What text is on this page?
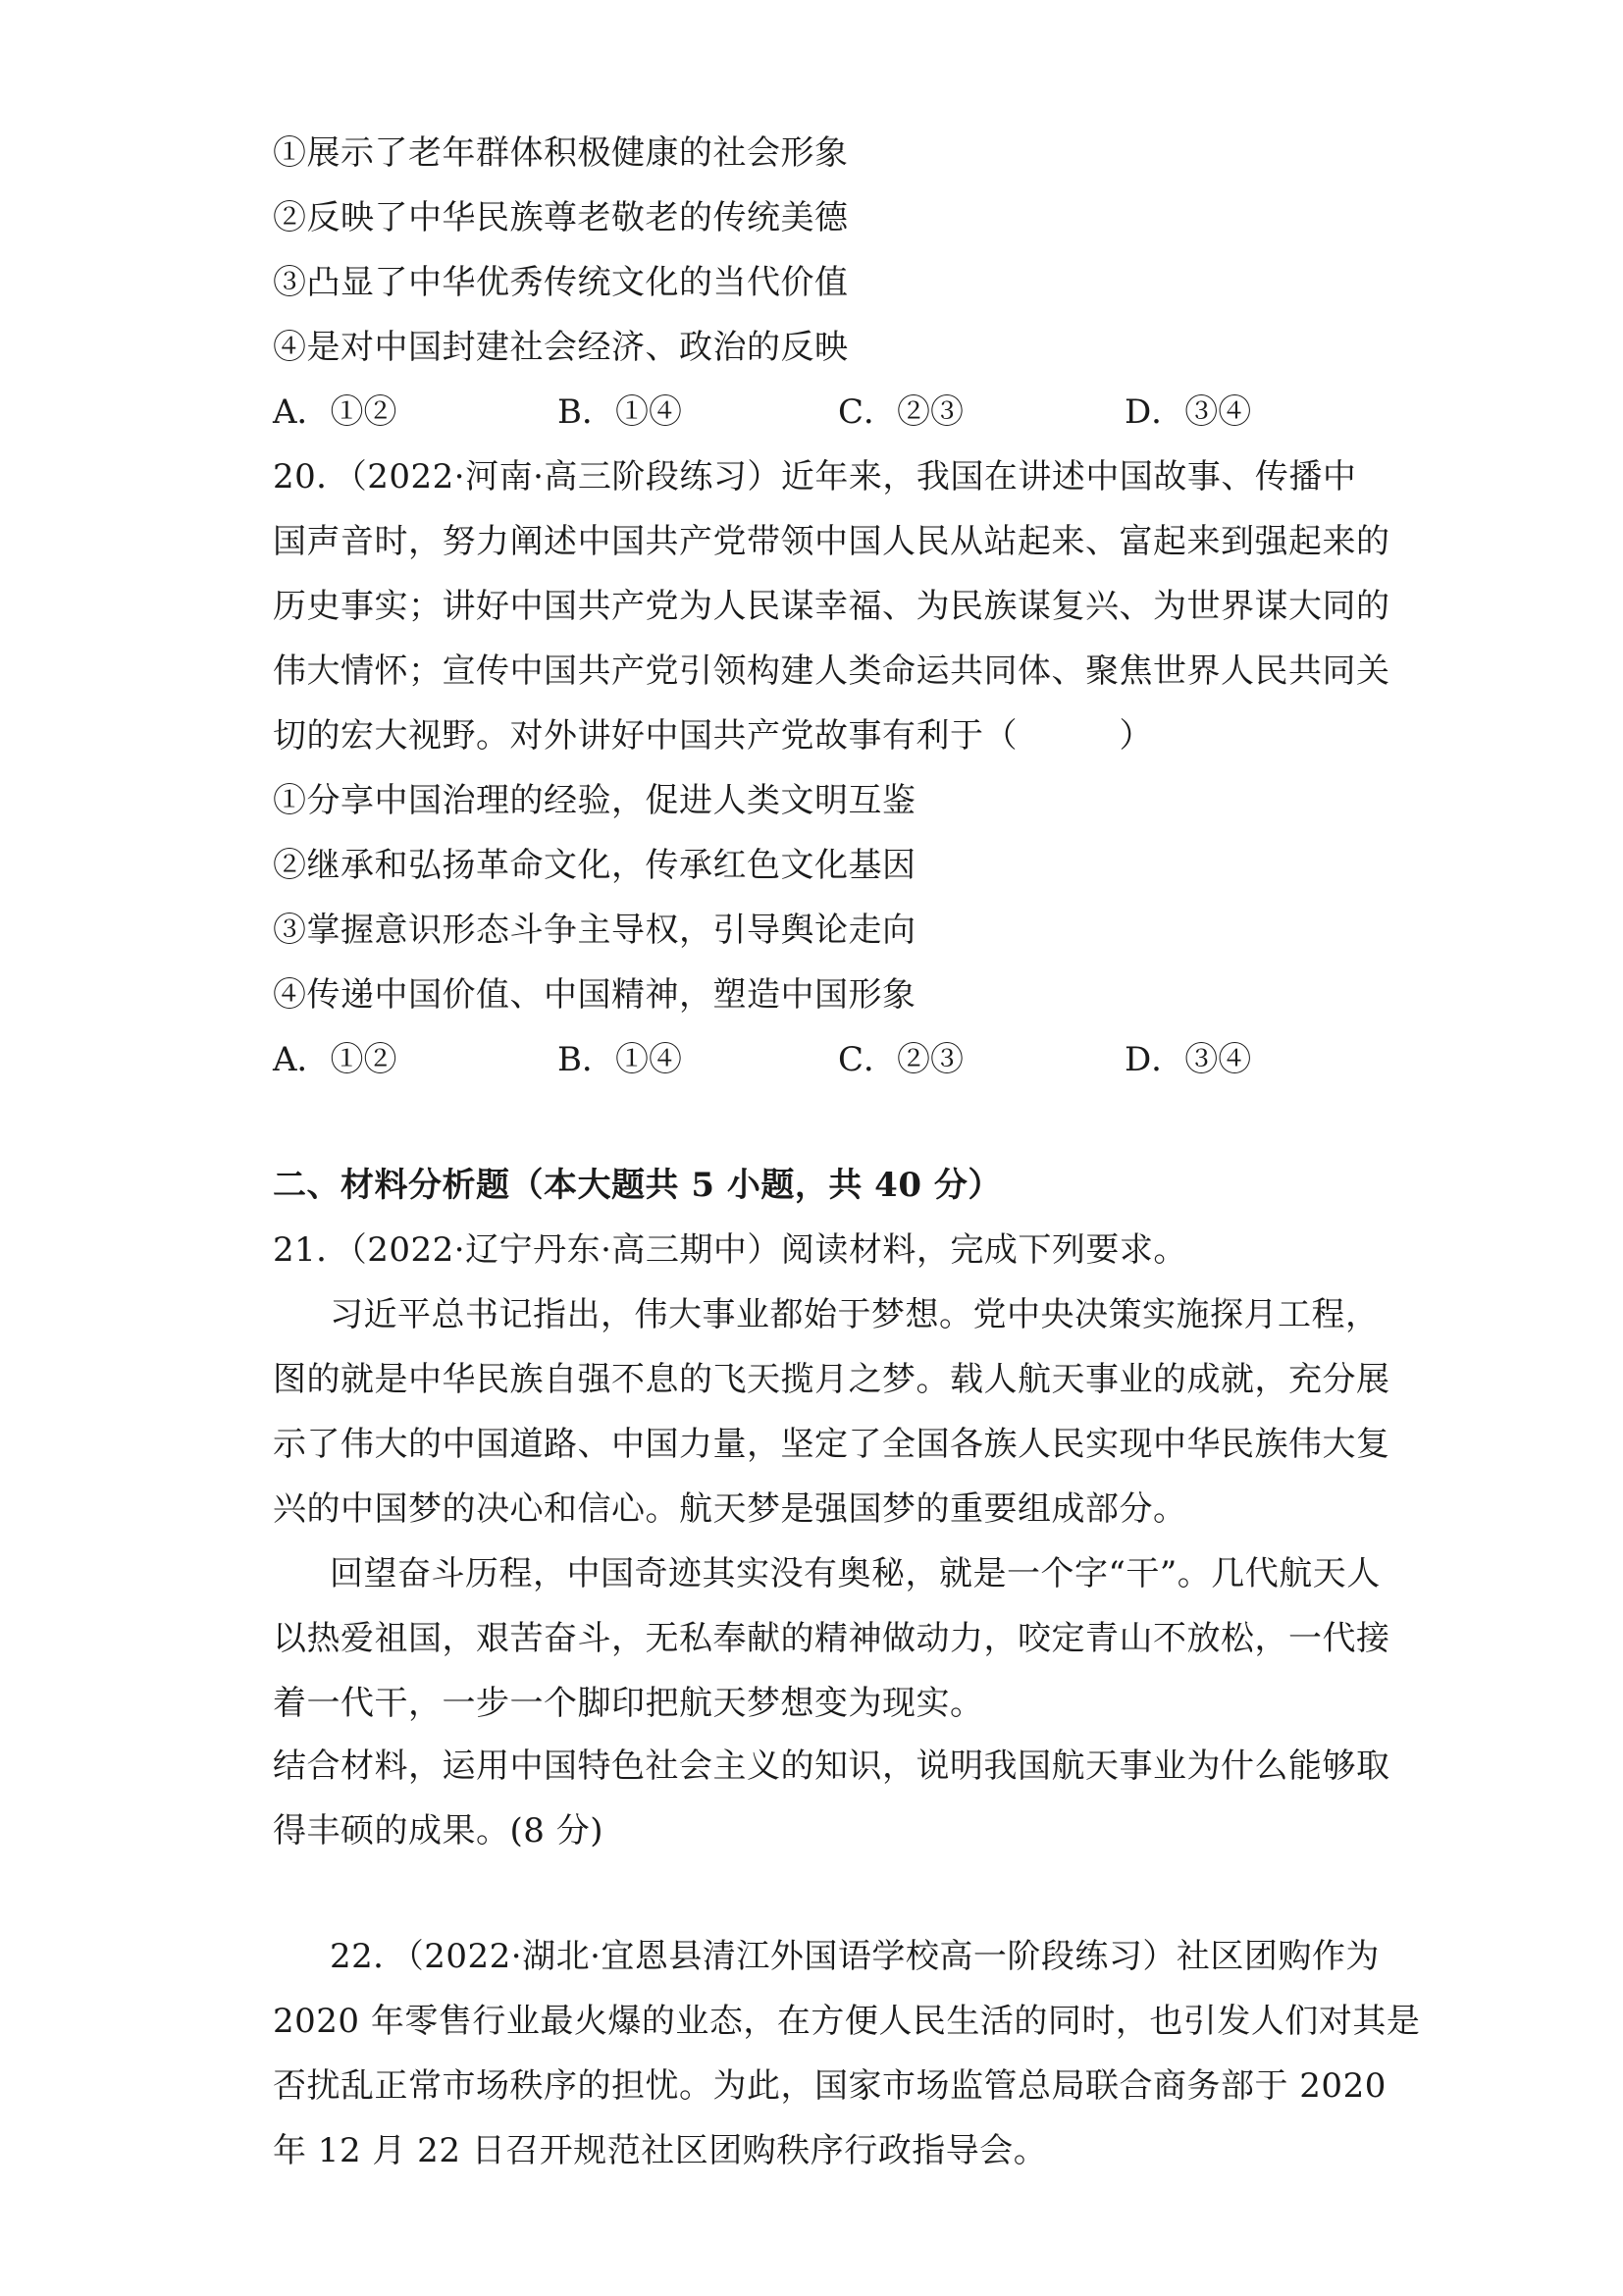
①展示了老年群体积极健康的社会形象
②反映了中华民族尊老敬老的传统美德
③凸显了中华优秀传统文化的当代价值
④是对中国封建社会经济、政治的反映
A．①②	B．①④	C．②③	D．③④
20．（2022·河南·高三阶段练习）近年来，我国在讲述中国故事、传播中
国声音时，努力阐述中国共产党带领中国人民从站起来、富起来到强起来的
历史事实；讲好中国共产党为人民谋幸福、为民族谋复兴、为世界谋大同的
伟大情怀；宣传中国共产党引领构建人类命运共同体、聚焦世界人民共同关
切的宏大视野。对外讲好中国共产党故事有利于（　　　）
①分享中国治理的经验，促进人类文明互鉴
②继承和弘扬革命文化，传承红色文化基因
③掌握意识形态斗争主导权，引导舆论走向
④传递中国价值、中国精神，塑造中国形象
A．①②	B．①④	C．②③	D．③④
二、材料分析题（本大题共 5 小题，共 40 分）
21．（2022·辽宁丹东·高三期中）阅读材料，完成下列要求。
习近平总书记指出，伟大事业都始于梦想。党中央决策实施探月工程，
图的就是中华民族自强不息的飞天揽月之梦。载人航天事业的成就，充分展
示了伟大的中国道路、中国力量，坚定了全国各族人民实现中华民族伟大复
兴的中国梦的决心和信心。航天梦是强国梦的重要组成部分。
回望奋斗历程，中国奇迹其实没有奥秘，就是一个字“干”。几代航天人
以热爱祖国，艰苦奋斗，无私奉献的精神做动力，咬定青山不放松，一代接
着一代干，一步一个脚印把航天梦想变为现实。
结合材料，运用中国特色社会主义的知识，说明我国航天事业为什么能够取
得丰硕的成果。(8 分)
22．（2022·湖北·宜恩县清江外国语学校高一阶段练习）社区团购作为
2020 年零售行业最火爆的业态，在方便人民生活的同时，也引发人们对其是
否扰乱正常市场秩序的担忧。为此，国家市场监管总局联合商务部于 2020
年 12 月 22 日召开规范社区团购秩序行政指导会。
